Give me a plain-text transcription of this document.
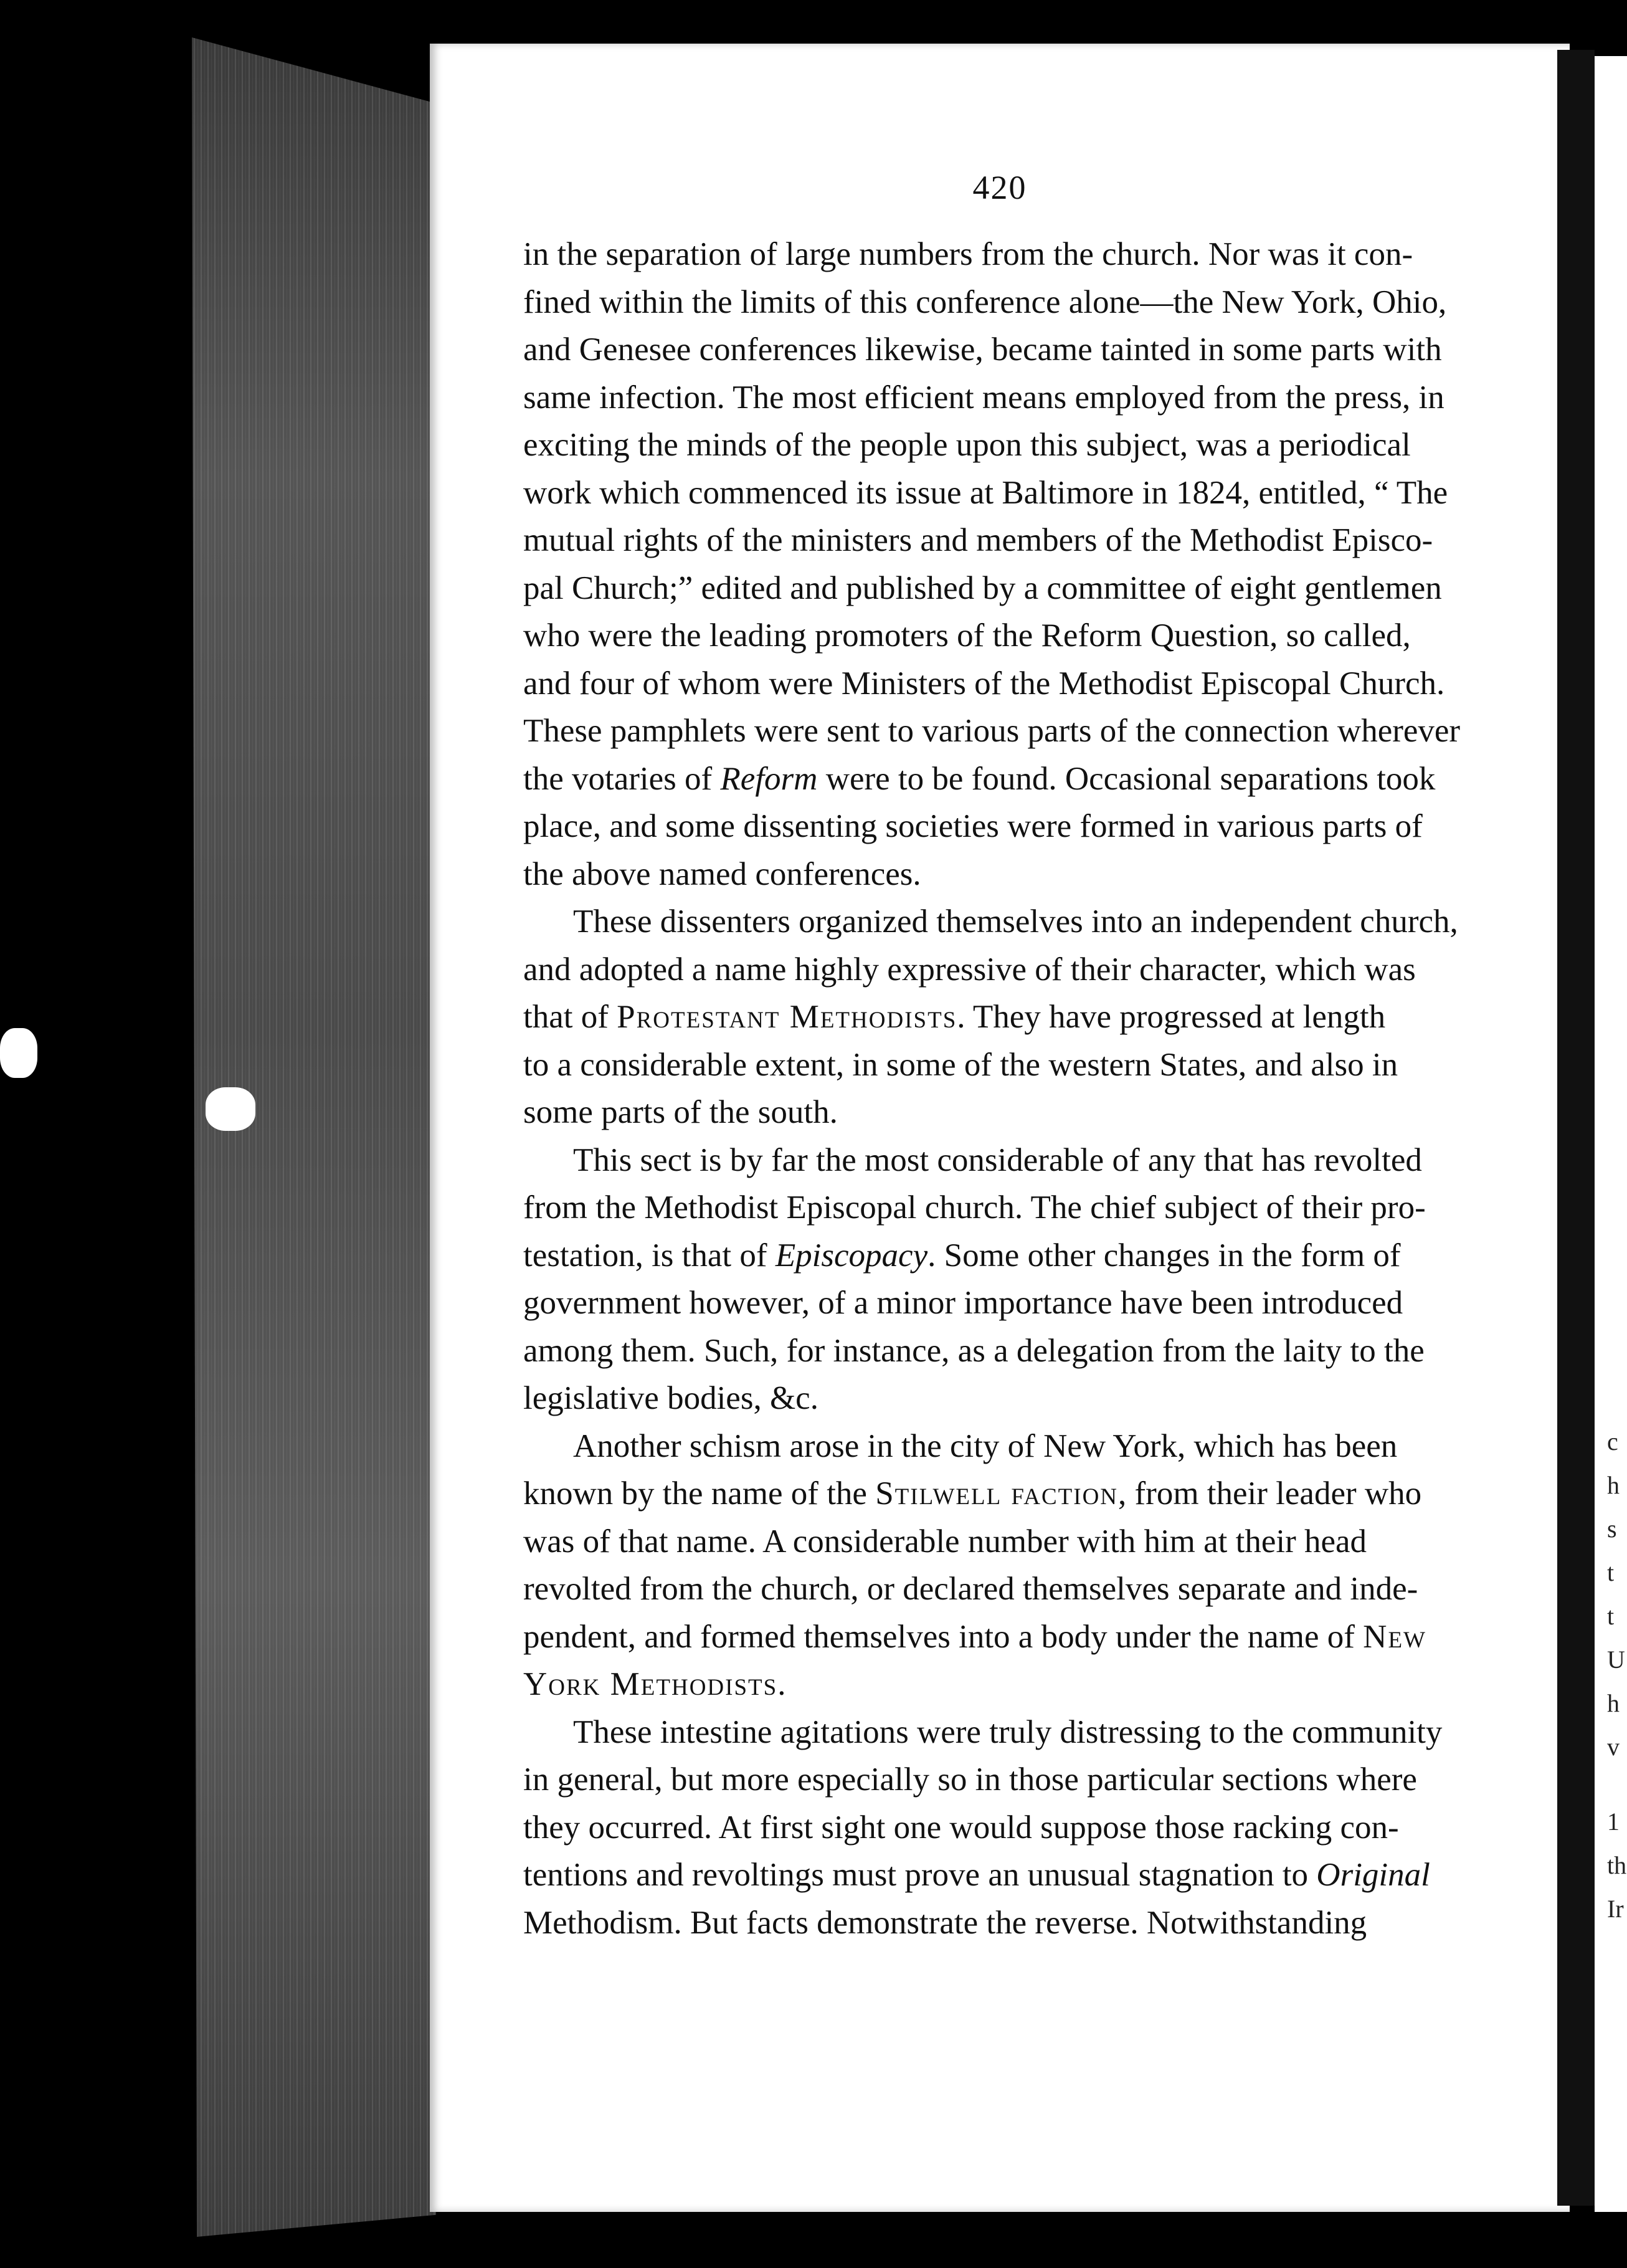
420
in the separation of large numbers from the church. Nor was it con-
fined within the limits of this conference alone—the New York, Ohio,
and Genesee conferences likewise, became tainted in some parts with
same infection. The most efficient means employed from the press, in
exciting the minds of the people upon this subject, was a periodical
work which commenced its issue at Baltimore in 1824, entitled, “ The
mutual rights of the ministers and members of the Methodist Episco-
pal Church;” edited and published by a committee of eight gentlemen
who were the leading promoters of the Reform Question, so called,
and four of whom were Ministers of the Methodist Episcopal Church.
These pamphlets were sent to various parts of the connection wherever
the votaries of Reform were to be found. Occasional separations took
place, and some dissenting societies were formed in various parts of
the above named conferences.
These dissenters organized themselves into an independent church,
and adopted a name highly expressive of their character, which was
that of Protestant Methodists. They have progressed at length
to a considerable extent, in some of the western States, and also in
some parts of the south.
This sect is by far the most considerable of any that has revolted
from the Methodist Episcopal church. The chief subject of their pro-
testation, is that of Episcopacy. Some other changes in the form of
government however, of a minor importance have been introduced
among them. Such, for instance, as a delegation from the laity to the
legislative bodies, &c.
Another schism arose in the city of New York, which has been
known by the name of the Stilwell faction, from their leader who
was of that name. A considerable number with him at their head
revolted from the church, or declared themselves separate and inde-
pendent, and formed themselves into a body under the name of New
York Methodists.
These intestine agitations were truly distressing to the community
in general, but more especially so in those particular sections where
they occurred. At first sight one would suppose those racking con-
tentions and revoltings must prove an unusual stagnation to Original
Methodism. But facts demonstrate the reverse. Notwithstanding
c
h
s
t
t
U
h
v
1
th
Ir
